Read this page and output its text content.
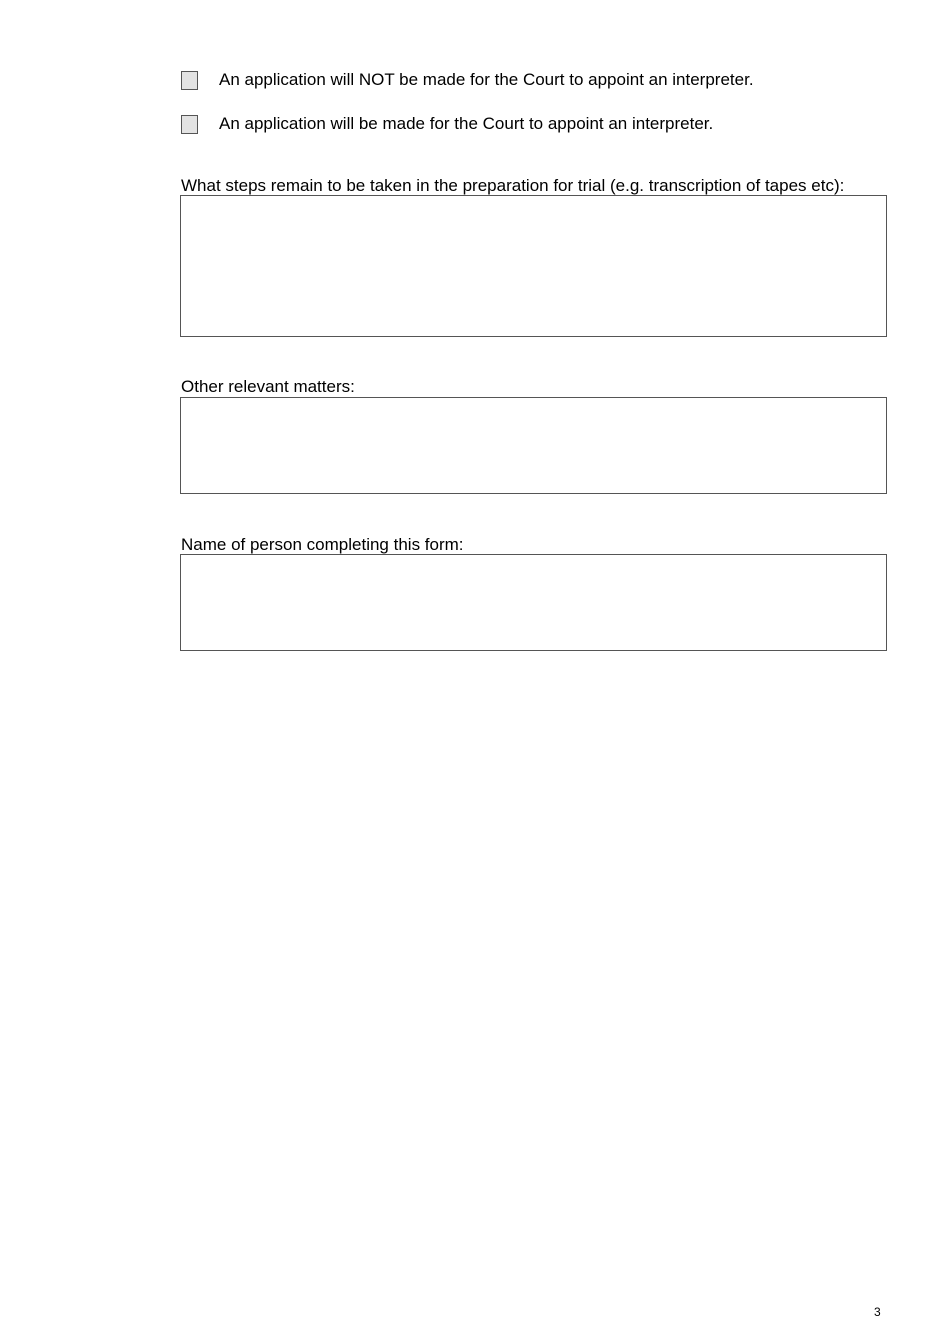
An application will NOT be made for the Court to appoint an interpreter.
An application will be made for the Court to appoint an interpreter.
What steps remain to be taken in the preparation for trial (e.g. transcription of tapes etc):
Other relevant matters:
Name of person completing this form:
3
